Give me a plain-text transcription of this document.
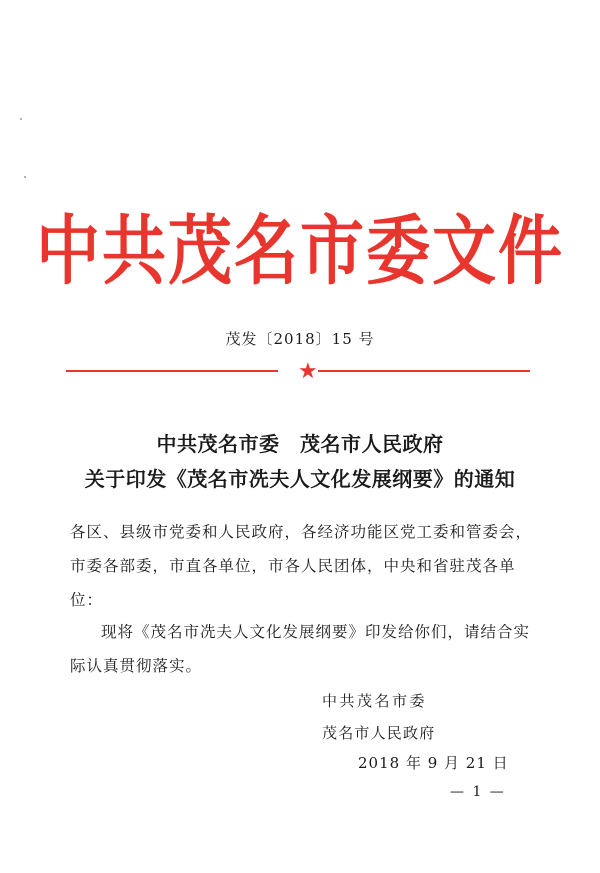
中共茂名市委文件
茂发〔2018〕15 号
★
中共茂名市委　茂名市人民政府
关于印发《茂名市冼夫人文化发展纲要》的通知
各区、县级市党委和人民政府，各经济功能区党工委和管委会，市委各部委，市直各单位，市各人民团体，中央和省驻茂各单位：
现将《茂名市冼夫人文化发展纲要》印发给你们，请结合实际认真贯彻落实。
中共茂名市委
茂名市人民政府
2018 年 9 月 21 日
— 1 —
